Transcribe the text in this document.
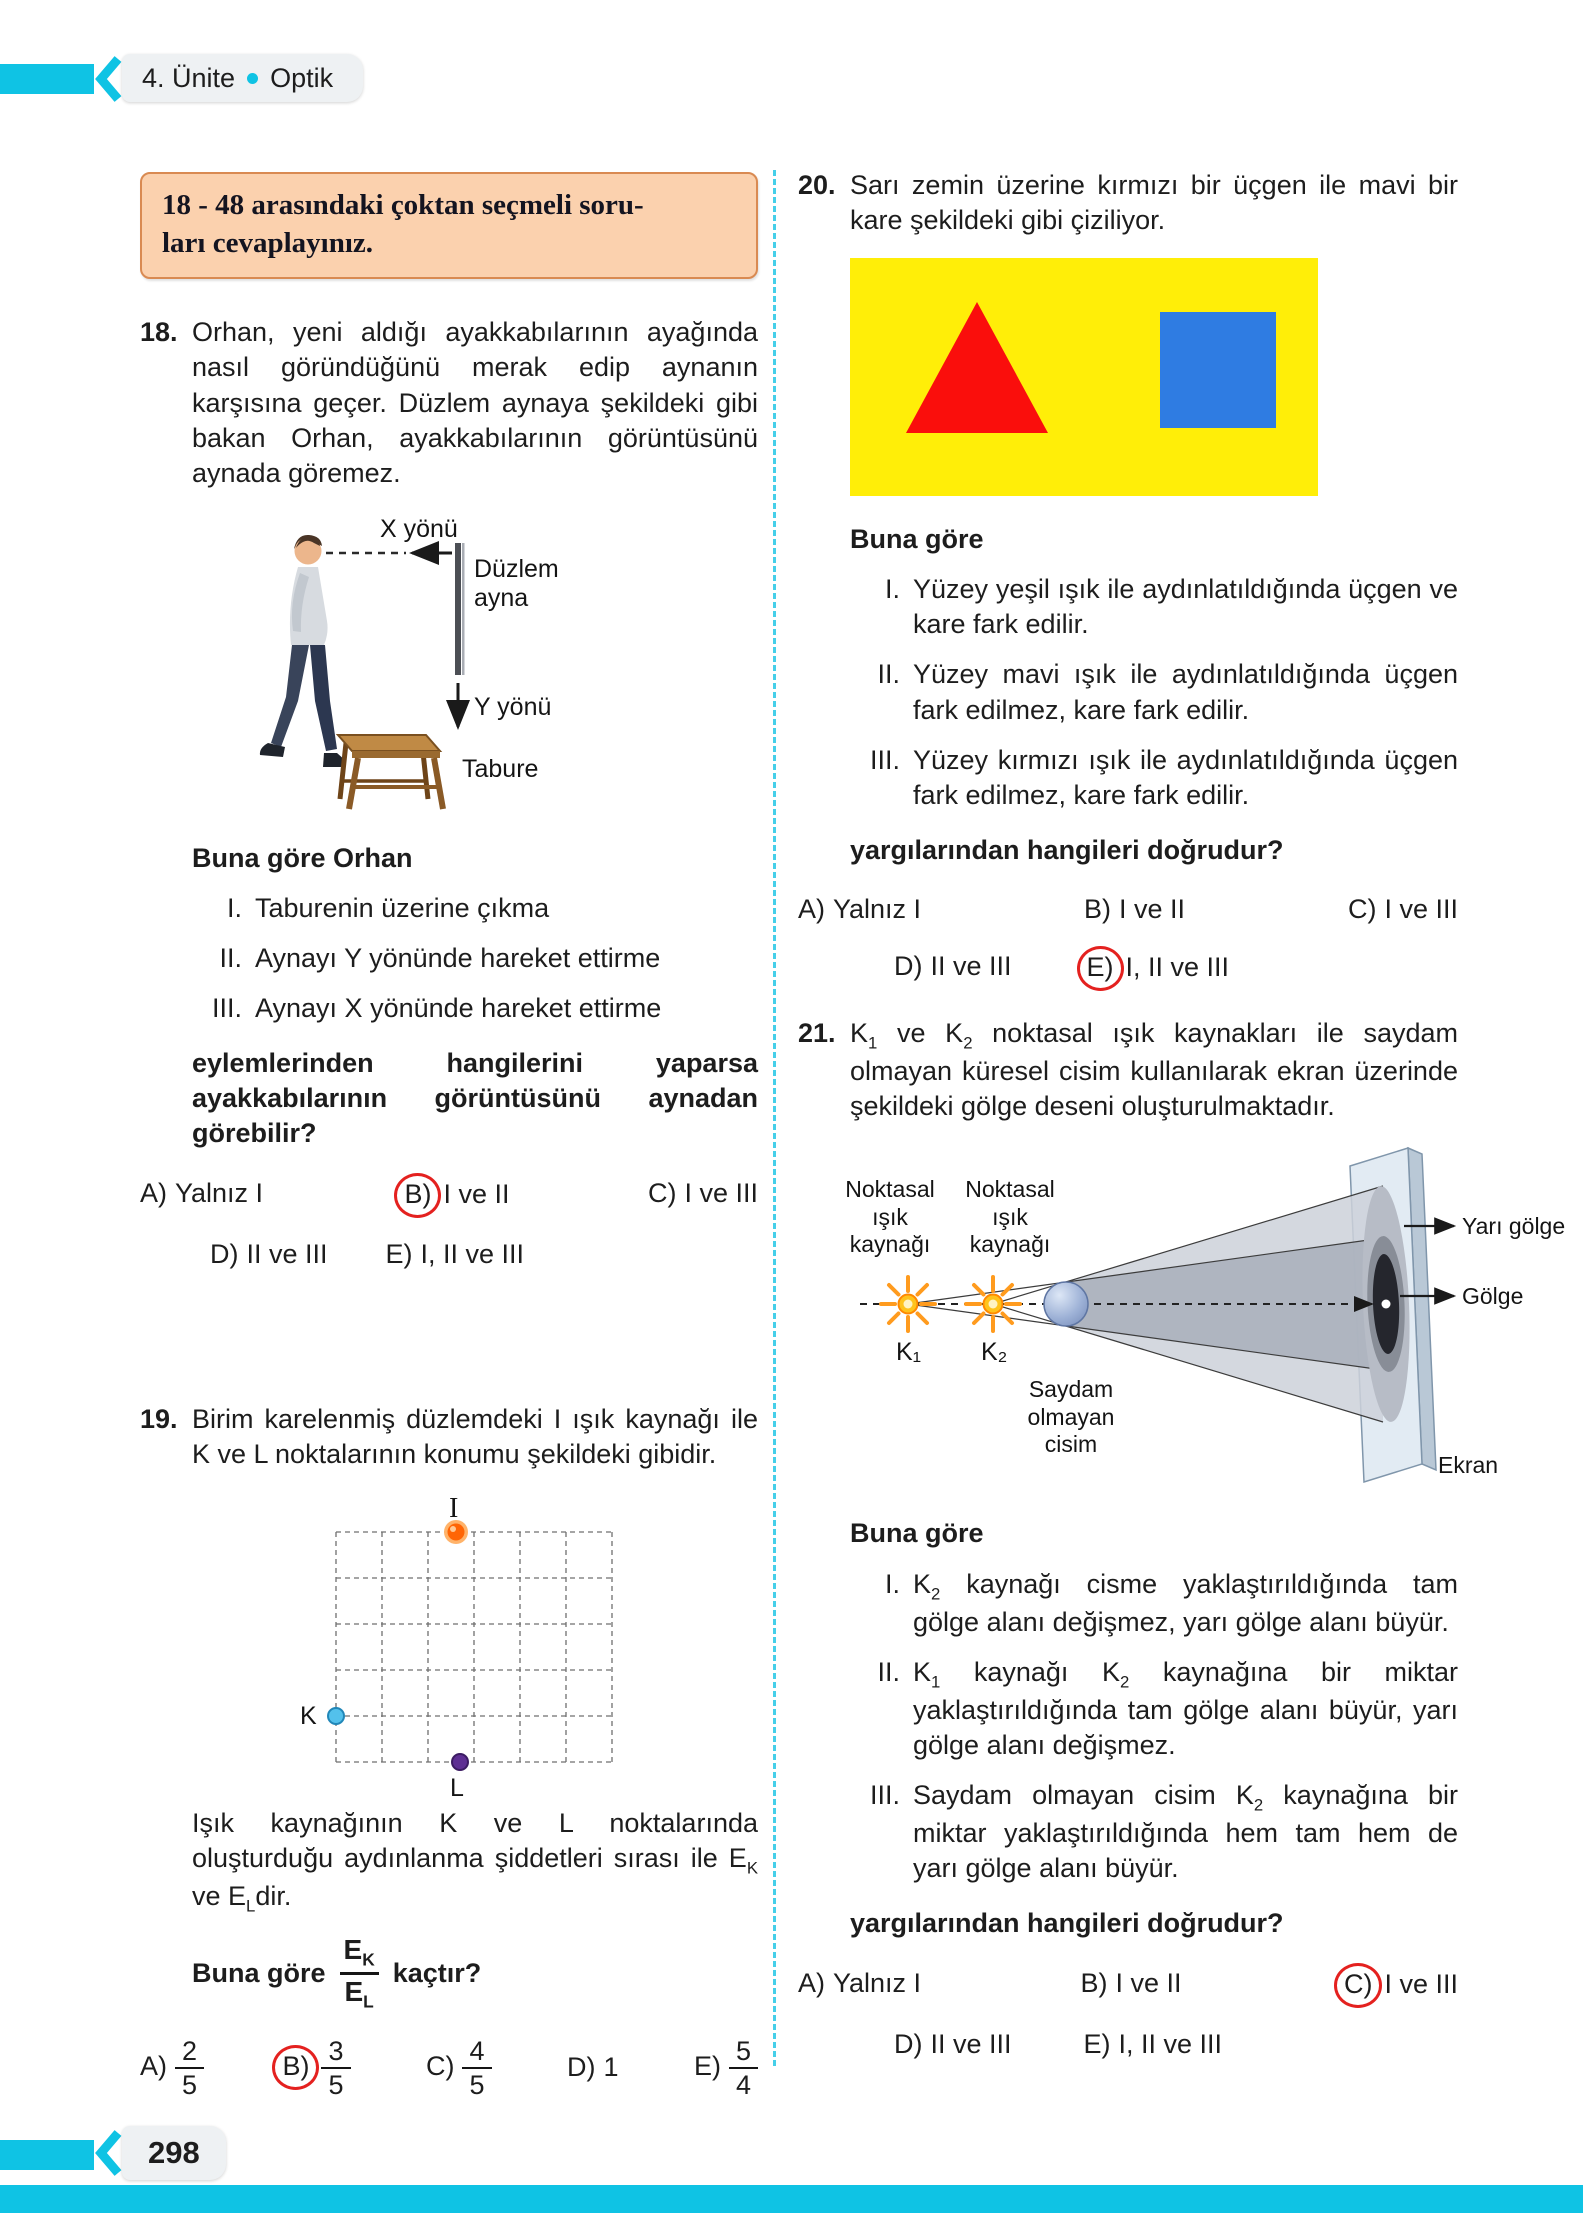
4. Ünite Optik
18 - 48 arasındaki çoktan seçmeli soru-
ları cevaplayınız.
18. Orhan, yeni aldığı ayakkabılarının ayağında nasıl göründüğünü merak edip aynanın karşısına geçer. Düzlem aynaya şekildeki gibi bakan Orhan, ayakkabılarının görüntüsünü aynada göremez.
X yönü
Düzlem ayna
Y yönü
Tabure
Buna göre Orhan
I. Taburenin üzerine çıkma
II. Aynayı Y yönünde hareket ettirme
III. Aynayı X yönünde hareket ettirme
eylemlerinden hangilerini yaparsa ayakkabılarının görüntüsünü aynadan görebilir?
A) Yalnız I	B) I ve II	C) I ve III
D) II ve III E) I, II ve III
19. Birim karelenmiş düzlemdeki I ışık kaynağı ile K ve L noktalarının konumu şekildeki gibidir.
I
K
L
Işık kaynağının K ve L noktalarında oluşturduğu aydınlanma şiddetleri sırası ile $E_K$ ve $E_Ldir$.
Buna göre $\frac{E_K}{E_L}$ kaçtır?
$A) \frac{2}{5}$	$B) \frac{3}{5}$	$C) \frac{4}{5}$	D) 1	$E) \frac{5}{4}$
20. Sarı zemin üzerine kırmızı bir üçgen ile mavi bir kare şekildeki gibi çiziliyor.
Buna göre
I. Yüzey yeşil ışık ile aydınlatıldığında üçgen ve kare fark edilir.
II. Yüzey mavi ışık ile aydınlatıldığında üçgen fark edilmez, kare fark edilir.
III. Yüzey kırmızı ışık ile aydınlatıldığında üçgen fark edilmez, kare fark edilir.
yargılarından hangileri doğrudur?
A) Yalnız I	B) I ve II	C) I ve III
D) II ve III	E) I, II ve III
21. $K_1$ ve $K_2$ noktasal ışık kaynakları ile saydam olmayan küresel cisim kullanılarak ekran üzerinde şekildeki gölge deseni oluşturulmaktadır.
Noktasal ışık kaynağı
Noktasal ışık kaynağı
K₁ K₂
Saydam olmayan cisim
Yarı gölge
Gölge
Ekran
Buna göre
I. $K_2$ kaynağı cisme yaklaştırıldığında tam gölge alanı değişmez, yarı gölge alanı büyür.
II. $K_1$ kaynağı $K_2$ kaynağına bir miktar yaklaştırıldığında tam gölge alanı büyür, yarı gölge alanı değişmez.
III. Saydam olmayan cisim $K_2$ kaynağına bir miktar yaklaştırıldığında hem tam hem de yarı gölge alanı büyür.
yargılarından hangileri doğrudur?
A) Yalnız I	B) I ve II	C) I ve III
D) II ve III	E) I, II ve III
298
